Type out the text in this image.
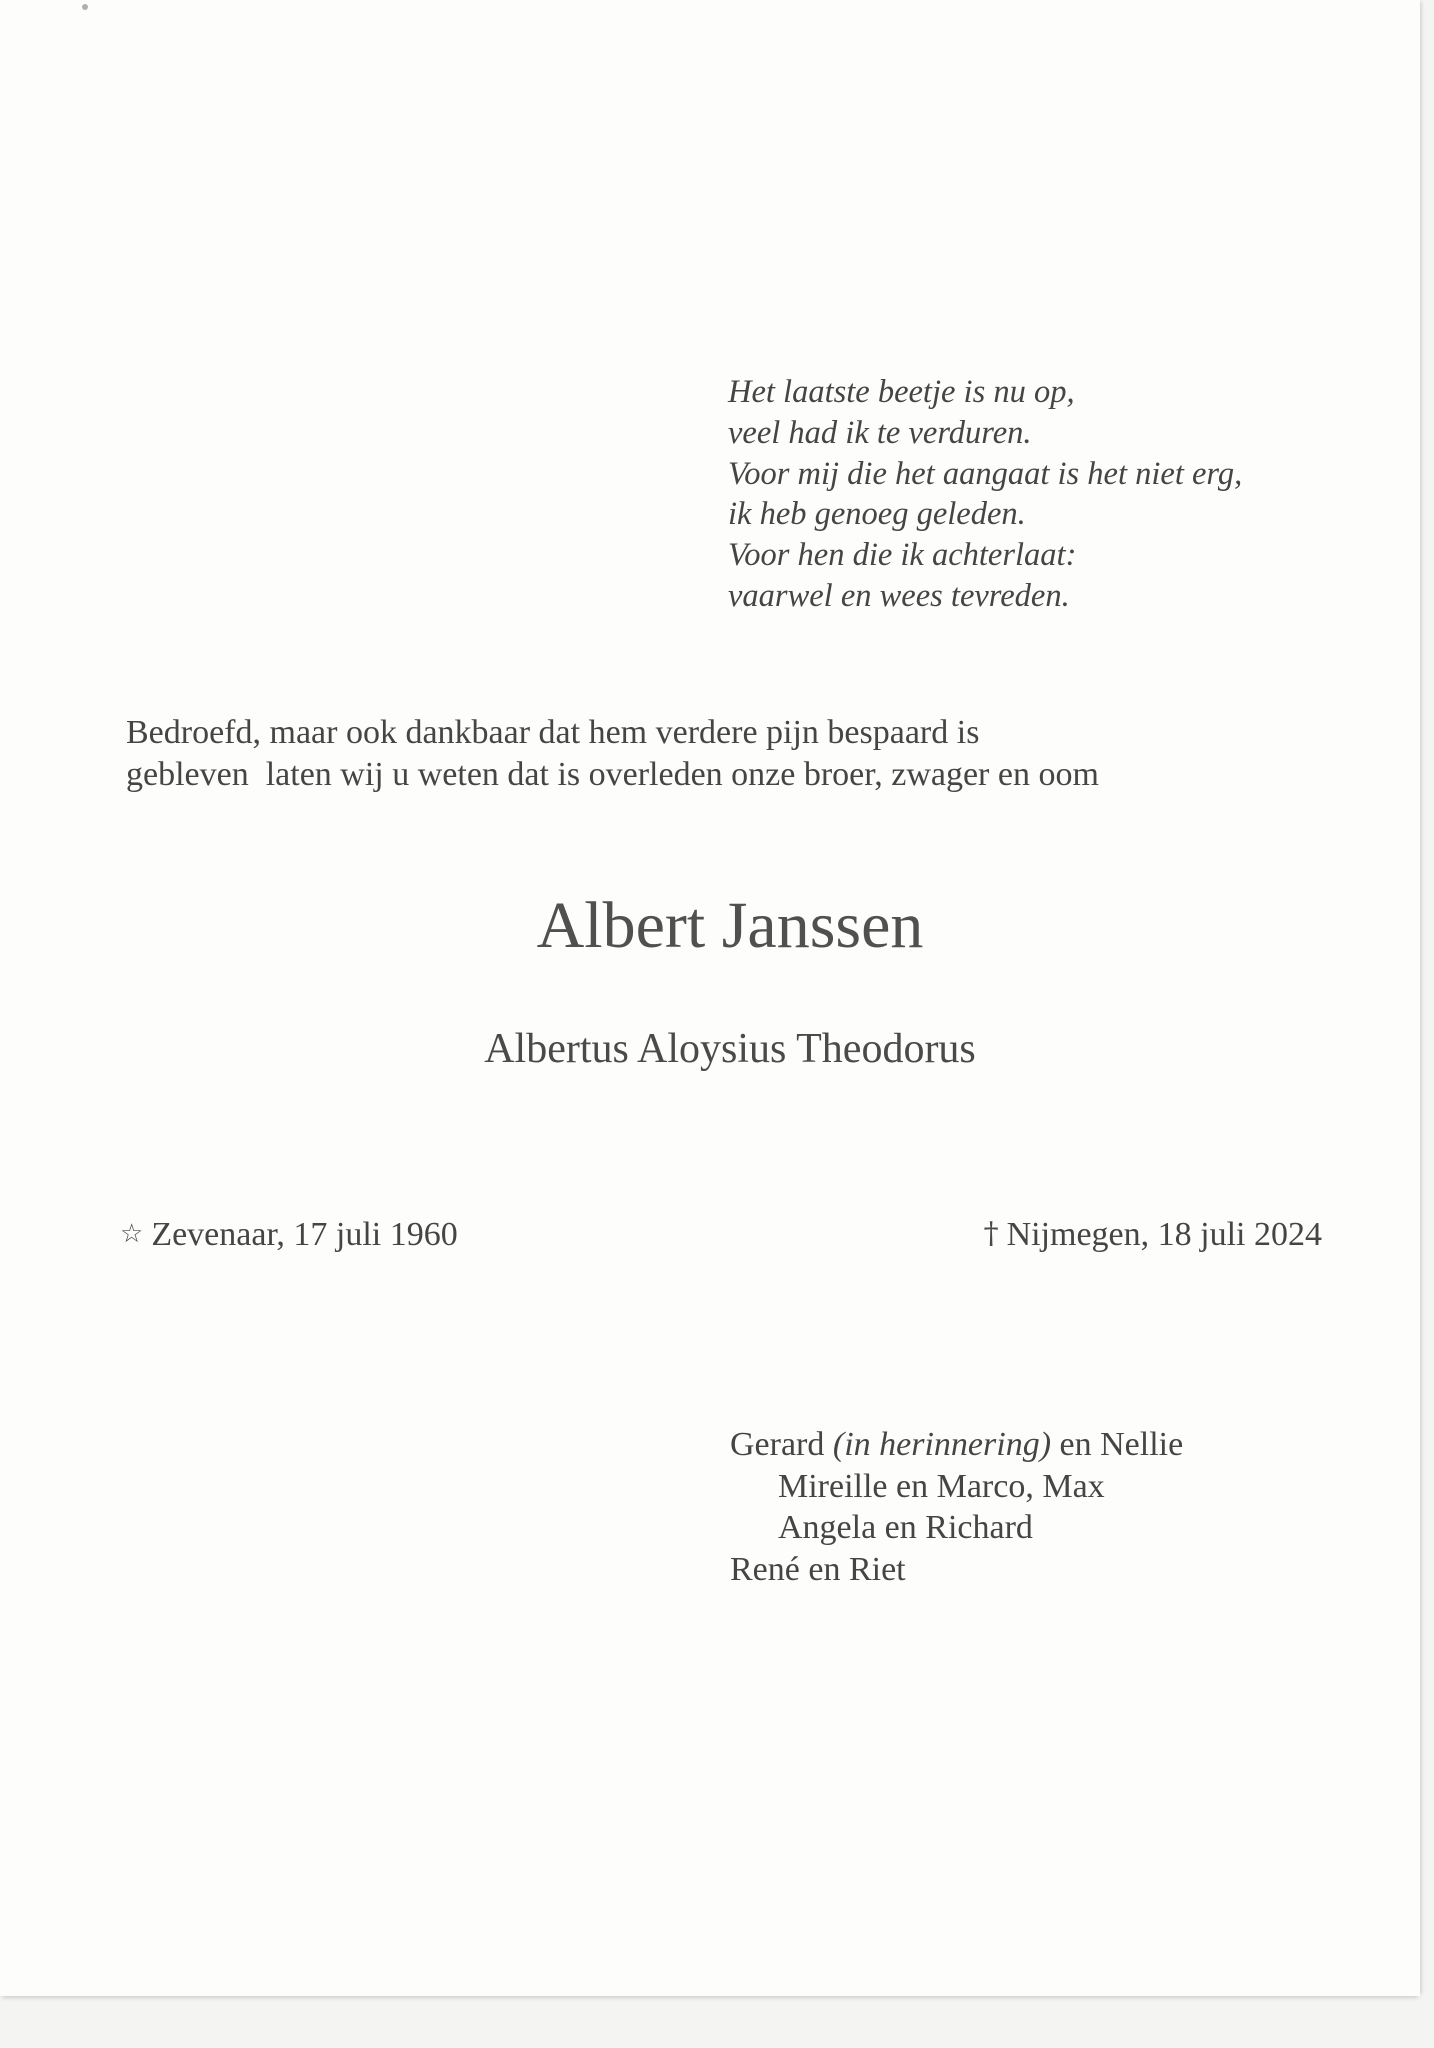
Het laatste beetje is nu op,
veel had ik te verduren.
Voor mij die het aangaat is het niet erg,
ik heb genoeg geleden.
Voor hen die ik achterlaat:
vaarwel en wees tevreden.
Bedroefd, maar ook dankbaar dat hem verdere pijn bespaard is
gebleven  laten wij u weten dat is overleden onze broer, zwager en oom
Albert Janssen
Albertus Aloysius Theodorus
☆ Zevenaar, 17 juli 1960	† Nijmegen, 18 juli 2024
Gerard (in herinnering) en Nellie
Mireille en Marco, Max
Angela en Richard
René en Riet
